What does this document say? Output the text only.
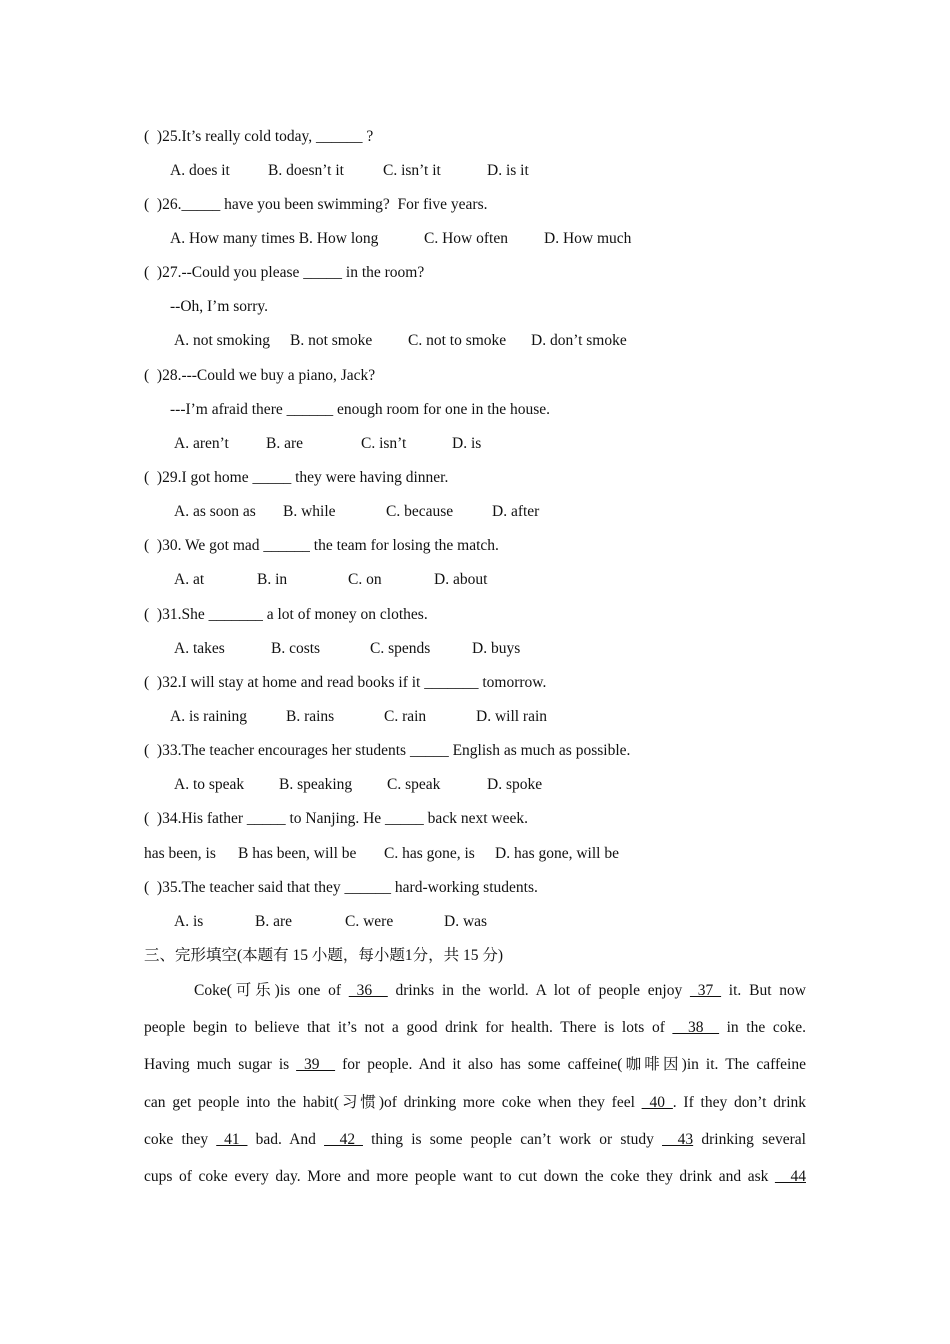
(  )25.It’s really cold today, ______ ?
A. does it B. doesn’t it	C. isn’t it	D. is it
(  )26._____ have you been swimming?  For five years.
A. How many times B. How long	C. How often D. How much
(  )27.--Could you please _____ in the room?
--Oh, I’m sorry.
A. not smoking B. not smoke C. not to smoke D. don’t smoke
(  )28.---Could we buy a piano, Jack?
---I’m afraid there ______ enough room for one in the house.
A. aren’t B. are	C. isn’t	D. is
(  )29.I got home _____ they were having dinner.
A. as soon as B. while	C. because	D. after
(  )30. We got mad ______ the team for losing the match.
A. at	B. in	C. on	D. about
(  )31.She _______ a lot of money on clothes.
A. takes	B. costs	C. spends	D. buys
(  )32.I will stay at home and read books if it _______ tomorrow.
A. is raining	B. rains	C. rain	D. will rain
(  )33.The teacher encourages her students _____ English as much as possible.
A. to speak B. speaking C. speak	D. spoke
(  )34.His father _____ to Nanjing. He _____ back next week.
has been, is B has been, will be C. has gone, is D. has gone, will be
(  )35.The teacher said that they ______ hard-working students.
A. is	B. are	C. were	D. was
三、完形填空(本题有 15 小题，每小题1分，共 15 分)
Coke(可乐)is one of _36__ drinks in the world. A lot of people enjoy _37_ it. But now
people begin to believe that it’s not a good drink for health. There is lots of __38__ in the coke.
Having much sugar is _39__ for people. And it also has some caffeine(咖啡因)in it. The caffeine
can get people into the habit(习惯)of drinking more coke when they feel _40_. If they don’t drink
coke they _41_ bad. And __42_ thing is some people can’t work or study __43 drinking several
cups of coke every day. More and more people want to cut down the coke they drink and ask __44
